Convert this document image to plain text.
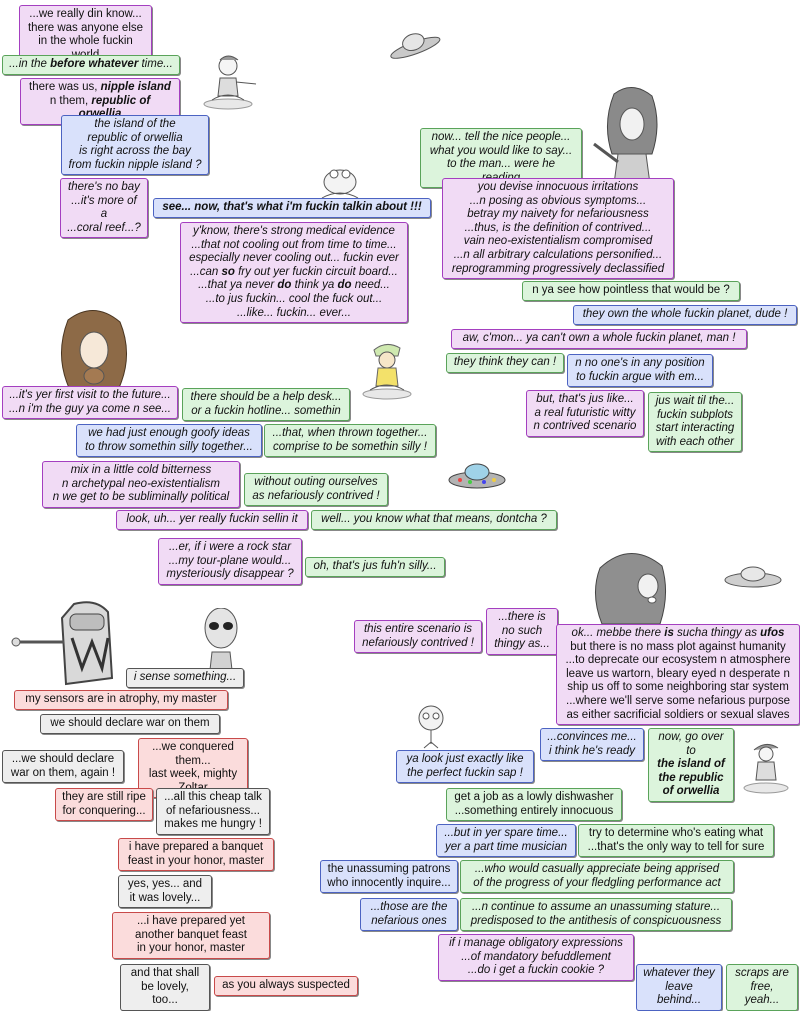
...we really din know...
there was anyone else
in the whole fuckin
...in the before whatever time...
there was us, nipple island
n them, republic of
the island of the
republic of orwellia
is right across the bay
from fuckin nipple island ?
there's no bay
...it's more of a
...coral reef...?
see... now, that's what i'm fuckin talkin about !!!
y'know, there's strong medical evidence
...that not cooling out from time to time...
especially never cooling out... fuckin ever
...can so fry out yer fuckin circuit board...
...that ya never do think ya do need...
...to jus fuckin... cool the fuck out...
...like... fuckin... ever...
now... tell the nice people...
what you would like to say...
to the man... were he
you devise innocuous irritations
...n posing as obvious symptoms...
betray my naivety for nefariousness
...thus, is the definition of contrived...
vain neo-existentialism compromised
...n all arbitrary calculations personified...
reprogramming progressively declassified
n ya see how pointless that would be ?
they own the whole fuckin planet, dude !
aw, c'mon... ya can't own a whole fuckin planet, man !
they think they can !	n no one's in any position
to fuckin argue with em...
...it's yer first visit to the future...
...n i'm the guy ya come n see...
there should be a help desk...
or a fuckin hotline... somethin
but, that's jus like...
a real futuristic witty
n contrived scenario
jus wait til the...
fuckin subplots
start interacting
with each other
we had just enough goofy ideas
to throw somethin silly together...
...that, when thrown together...
comprise to be somethin silly !
mix in a little cold bitterness
n archetypal neo-existentialism
n we get to be subliminally political
without outing ourselves
as nefariously contrived !
look, uh... yer really fuckin sellin it	well... you know what that means, dontcha ?
...er, if i were a rock star
...my tour-plane would...
mysteriously disappear ?
oh, that's jus fuh'n silly...
i sense something...
my sensors are in atrophy, my master
we should declare war on them
...we should declare
war on them, again !
...we conquered them...
last week, mighty
they are still ripe
for conquering...
...all this cheap talk
of nefariousness...
makes me hungry !
i have prepared a banquet
feast in your honor, master
yes, yes... and
it was lovely...
...i have prepared yet
another banquet feast
in your honor, master
and that shall
be lovely, too...
as you always suspected
this entire scenario is
nefariously contrived !
...there is
no such
thingy as...
ok... mebbe there is sucha thingy as ufos
but there is no mass plot against humanity
...to deprecate our ecosystem n atmosphere
leave us wartorn, bleary eyed n desperate n
ship us off to some neighboring star system
...where we'll serve some nefarious purpose
as either sacrificial soldiers or sexual slaves
...convinces me...
i think he's ready
now, go over to
the island of
the republic
of orwellia
ya look just exactly like
the perfect fuckin sap !
get a job as a lowly dishwasher
...something entirely innocuous
...but in yer spare time...
yer a part time musician
try to determine who's eating what
...that's the only way to tell for sure
the unassuming patrons
who innocently inquire...
...who would casually appreciate being apprised
of the progress of your fledgling performance act
...those are the
nefarious ones
...n continue to assume an unassuming stature...
predisposed to the antithesis of conspicuousness
if i manage obligatory expressions
...of mandatory befuddlement
...do i get a fuckin cookie ?	whatever they
leave behind...
scraps are
free, yeah...
